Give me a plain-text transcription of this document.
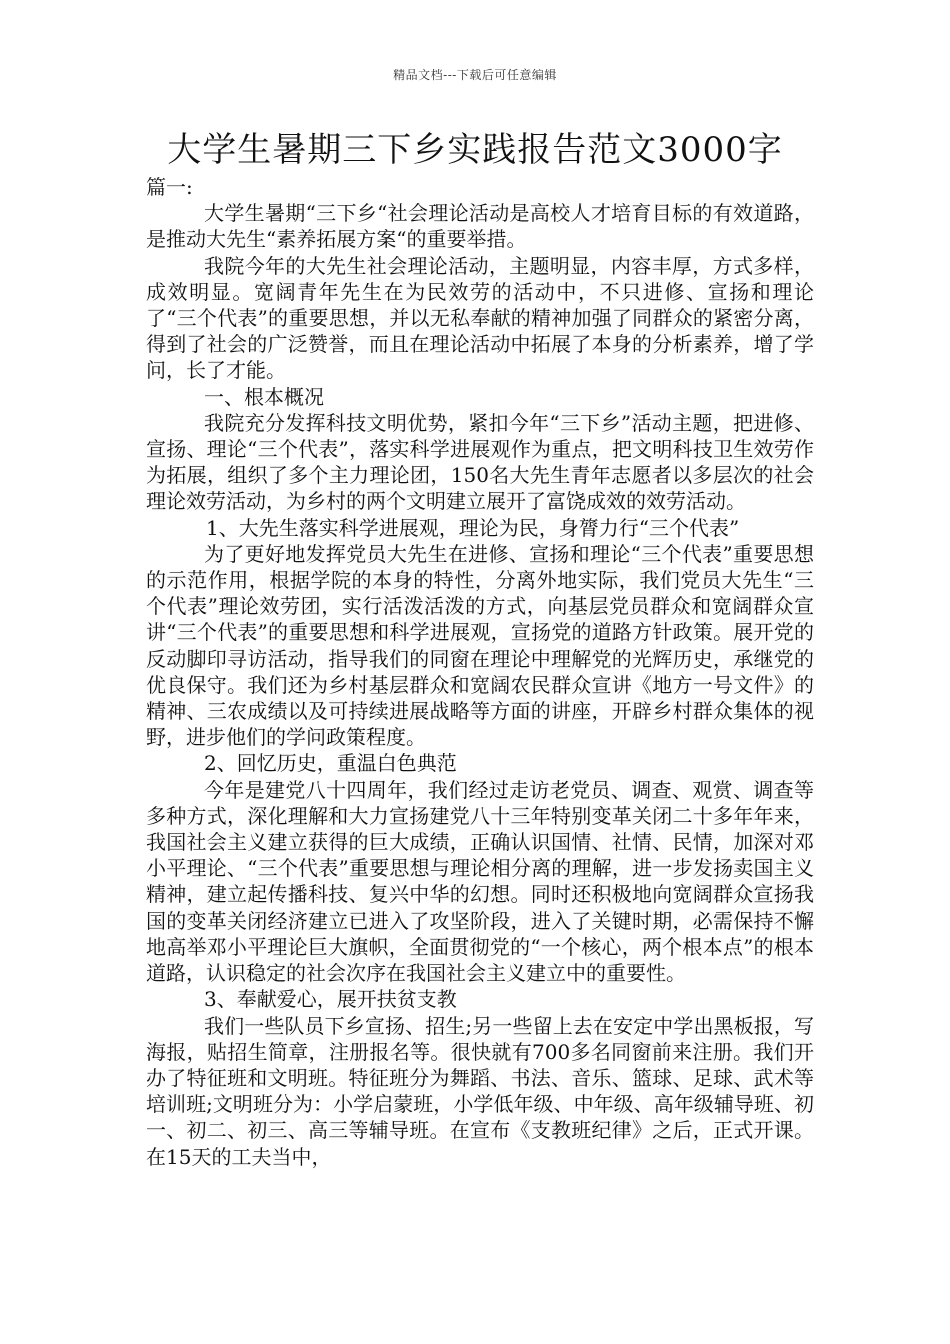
精品文档---下载后可任意编辑
大学生暑期三下乡实践报告范文3000字

篇一:

大学生暑期“三下乡“社会理论活动是高校人才培育目标的有效道路，是推动大先生“素养拓展方案“的重要举措。

我院今年的大先生社会理论活动，主题明显，内容丰厚，方式多样，成效明显。宽阔青年先生在为民效劳的活动中，不只进修、宣扬和理论了“三个代表”的重要思想，并以无私奉献的精神加强了同群众的紧密分离，得到了社会的广泛赞誉，而且在理论活动中拓展了本身的分析素养，增了学问，长了才能。

一、根本概况

我院充分发挥科技文明优势，紧扣今年“三下乡”活动主题，把进修、宣扬、理论“三个代表”，落实科学进展观作为重点，把文明科技卫生效劳作为拓展，组织了多个主力理论团，150名大先生青年志愿者以多层次的社会理论效劳活动，为乡村的两个文明建立展开了富饶成效的效劳活动。

1、大先生落实科学进展观，理论为民，身膂力行“三个代表”

为了更好地发挥党员大先生在进修、宣扬和理论“三个代表”重要思想的示范作用，根据学院的本身的特性，分离外地实际，我们党员大先生“三个代表”理论效劳团，实行活泼活泼的方式，向基层党员群众和宽阔群众宣讲“三个代表”的重要思想和科学进展观，宣扬党的道路方针政策。展开党的反动脚印寻访活动，指导我们的同窗在理论中理解党的光辉历史，承继党的优良保守。我们还为乡村基层群众和宽阔农民群众宣讲《地方一号文件》的精神、三农成绩以及可持续进展战略等方面的讲座，开辟乡村群众集体的视野，进步他们的学问政策程度。

2、回忆历史，重温白色典范

今年是建党八十四周年，我们经过走访老党员、调查、观赏、调查等多种方式，深化理解和大力宣扬建党八十三年特别变革关闭二十多年年来，我国社会主义建立获得的巨大成绩，正确认识国情、社情、民情，加深对邓小平理论、“三个代表”重要思想与理论相分离的理解，进一步发扬卖国主义精神，建立起传播科技、复兴中华的幻想。同时还积极地向宽阔群众宣扬我国的变革关闭经济建立已进入了攻坚阶段，进入了关键时期，必需保持不懈地高举邓小平理论巨大旗帜，全面贯彻党的“一个核心，两个根本点”的根本道路，认识稳定的社会次序在我国社会主义建立中的重要性。

3、奉献爱心，展开扶贫支教

我们一些队员下乡宣扬、招生;另一些留上去在安定中学出黑板报，写海报，贴招生简章，注册报名等。很快就有700多名同窗前来注册。我们开办了特征班和文明班。特征班分为舞蹈、书法、音乐、篮球、足球、武术等培训班;文明班分为：小学启蒙班，小学低年级、中年级、高年级辅导班、初一、初二、初三、高三等辅导班。在宣布《支教班纪律》之后，正式开课。在15天的工夫当中，
